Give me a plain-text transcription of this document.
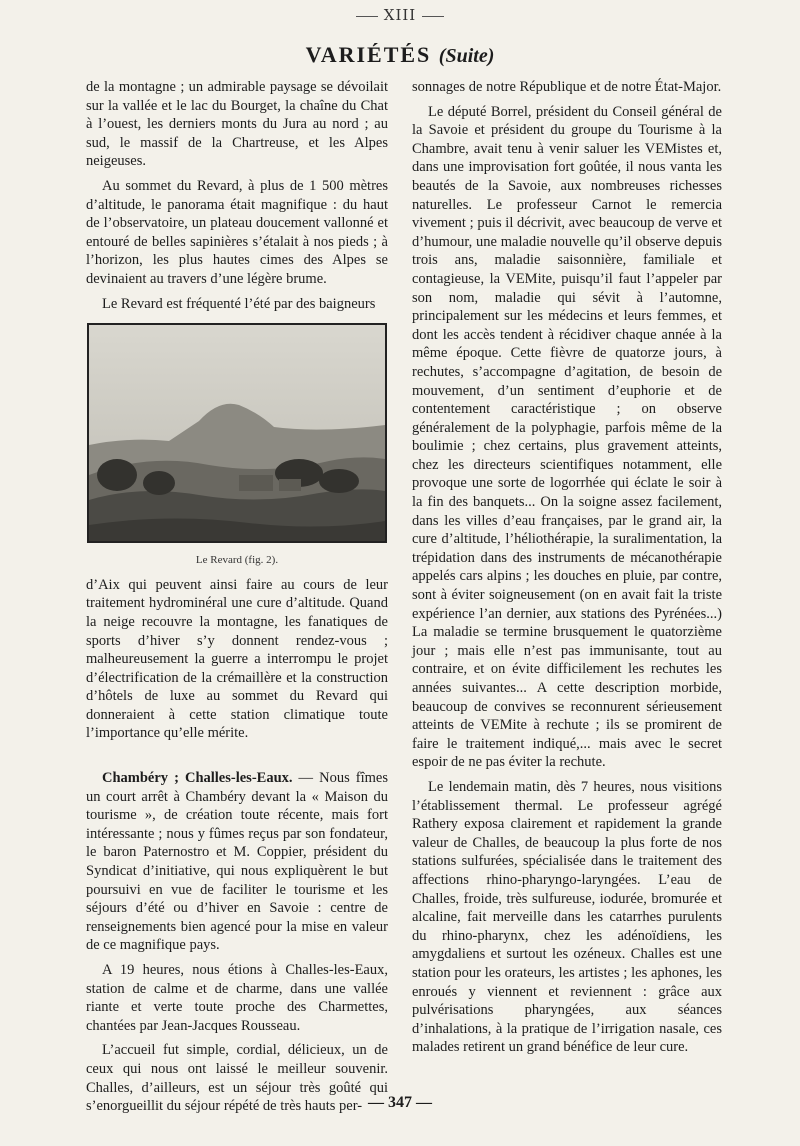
XIII
VARIÉTÉS (Suite)

de la montagne ; un admirable paysage se dévoilait sur la vallée et le lac du Bourget, la chaîne du Chat à l’ouest, les derniers monts du Jura au nord ; au sud, le massif de la Chartreuse, et les Alpes neigeuses.

Au sommet du Revard, à plus de 1 500 mètres d’altitude, le panorama était magnifique : du haut de l’observatoire, un plateau doucement vallonné et entouré de belles sapinières s’étalait à nos pieds ; à l’horizon, les plus hautes cimes des Alpes se devinaient au travers d’une légère brume.

Le Revard est fréquenté l’été par des baigneurs

Le Revard (fig. 2).

d’Aix qui peuvent ainsi faire au cours de leur traitement hydrominéral une cure d’altitude. Quand la neige recouvre la montagne, les fanatiques de sports d’hiver s’y donnent rendez-vous ; malheureusement la guerre a interrompu le projet d’électrification de la crémaillère et la construction d’hôtels de luxe au sommet du Revard qui donneraient à cette station climatique toute l’importance qu’elle mérite.

Chambéry ; Challes-les-Eaux. — Nous fîmes un court arrêt à Chambéry devant la « Maison du tourisme », de création toute récente, mais fort intéressante ; nous y fûmes reçus par son fondateur, le baron Paternostro et M. Coppier, président du Syndicat d’initiative, qui nous expliquèrent le but poursuivi en vue de faciliter le tourisme et les séjours d’été ou d’hiver en Savoie : centre de renseignements bien agencé pour la mise en valeur de ce magnifique pays.

A 19 heures, nous étions à Challes-les-Eaux, station de calme et de charme, dans une vallée riante et verte toute proche des Charmettes, chantées par Jean-Jacques Rousseau.

L’accueil fut simple, cordial, délicieux, un de ceux qui nous ont laissé le meilleur souvenir. Challes, d’ailleurs, est un séjour très goûté qui s’enorgueillit du séjour répété de très hauts per-

sonnages de notre République et de notre État-Major.

Le député Borrel, président du Conseil général de la Savoie et président du groupe du Tourisme à la Chambre, avait tenu à venir saluer les VEMistes et, dans une improvisation fort goûtée, il nous vanta les beautés de la Savoie, aux nombreuses richesses naturelles. Le professeur Carnot le remercia vivement ; puis il décrivit, avec beaucoup de verve et d’humour, une maladie nouvelle qu’il observe depuis trois ans, maladie saisonnière, familiale et contagieuse, la VEMite, puisqu’il faut l’appeler par son nom, maladie qui sévit à l’automne, principalement sur les médecins et leurs femmes, et dont les accès tendent à récidiver chaque année à la même époque. Cette fièvre de quatorze jours, à rechutes, s’accompagne d’agitation, de besoin de mouvement, d’un sentiment d’euphorie et de contentement caractéristique ; on observe généralement de la polyphagie, parfois même de la boulimie ; chez certains, plus gravement atteints, chez les directeurs scientifiques notamment, elle provoque une sorte de logorrhée qui éclate le soir à la fin des banquets... On la soigne assez facilement, dans les villes d’eau françaises, par le grand air, la cure d’altitude, l’héliothérapie, la suralimentation, la trépidation dans des instruments de mécanothérapie appelés cars alpins ; les douches en pluie, par contre, sont à éviter soigneusement (on en avait fait la triste expérience l’an dernier, aux stations des Pyrénées...) La maladie se termine brusquement le quatorzième jour ; mais elle n’est pas immunisante, tout au contraire, et on évite difficilement les rechutes les années suivantes... A cette description morbide, beaucoup de convives se reconnurent sérieusement atteints de VEMite à rechute ; ils se promirent de faire le traitement indiqué,... mais avec le secret espoir de ne pas éviter la rechute.

Le lendemain matin, dès 7 heures, nous visitions l’établissement thermal. Le professeur agrégé Rathery exposa clairement et rapidement la grande valeur de Challes, de beaucoup la plus forte de nos stations sulfurées, spécialisée dans le traitement des affections rhino-pharyngo-laryngées. L’eau de Challes, froide, très sulfureuse, iodurée, bromurée et alcaline, fait merveille dans les catarrhes purulents du rhino-pharynx, chez les adénoïdiens, les amygdaliens et surtout les ozéneux. Challes est une station pour les orateurs, les artistes ; les aphones, les enroués y viennent et reviennent : grâce aux pulvérisations pharyngées, aux séances d’inhalations, à la pratique de l’irrigation nasale, ces malades retirent un grand bénéfice de leur cure.

— 347 —
